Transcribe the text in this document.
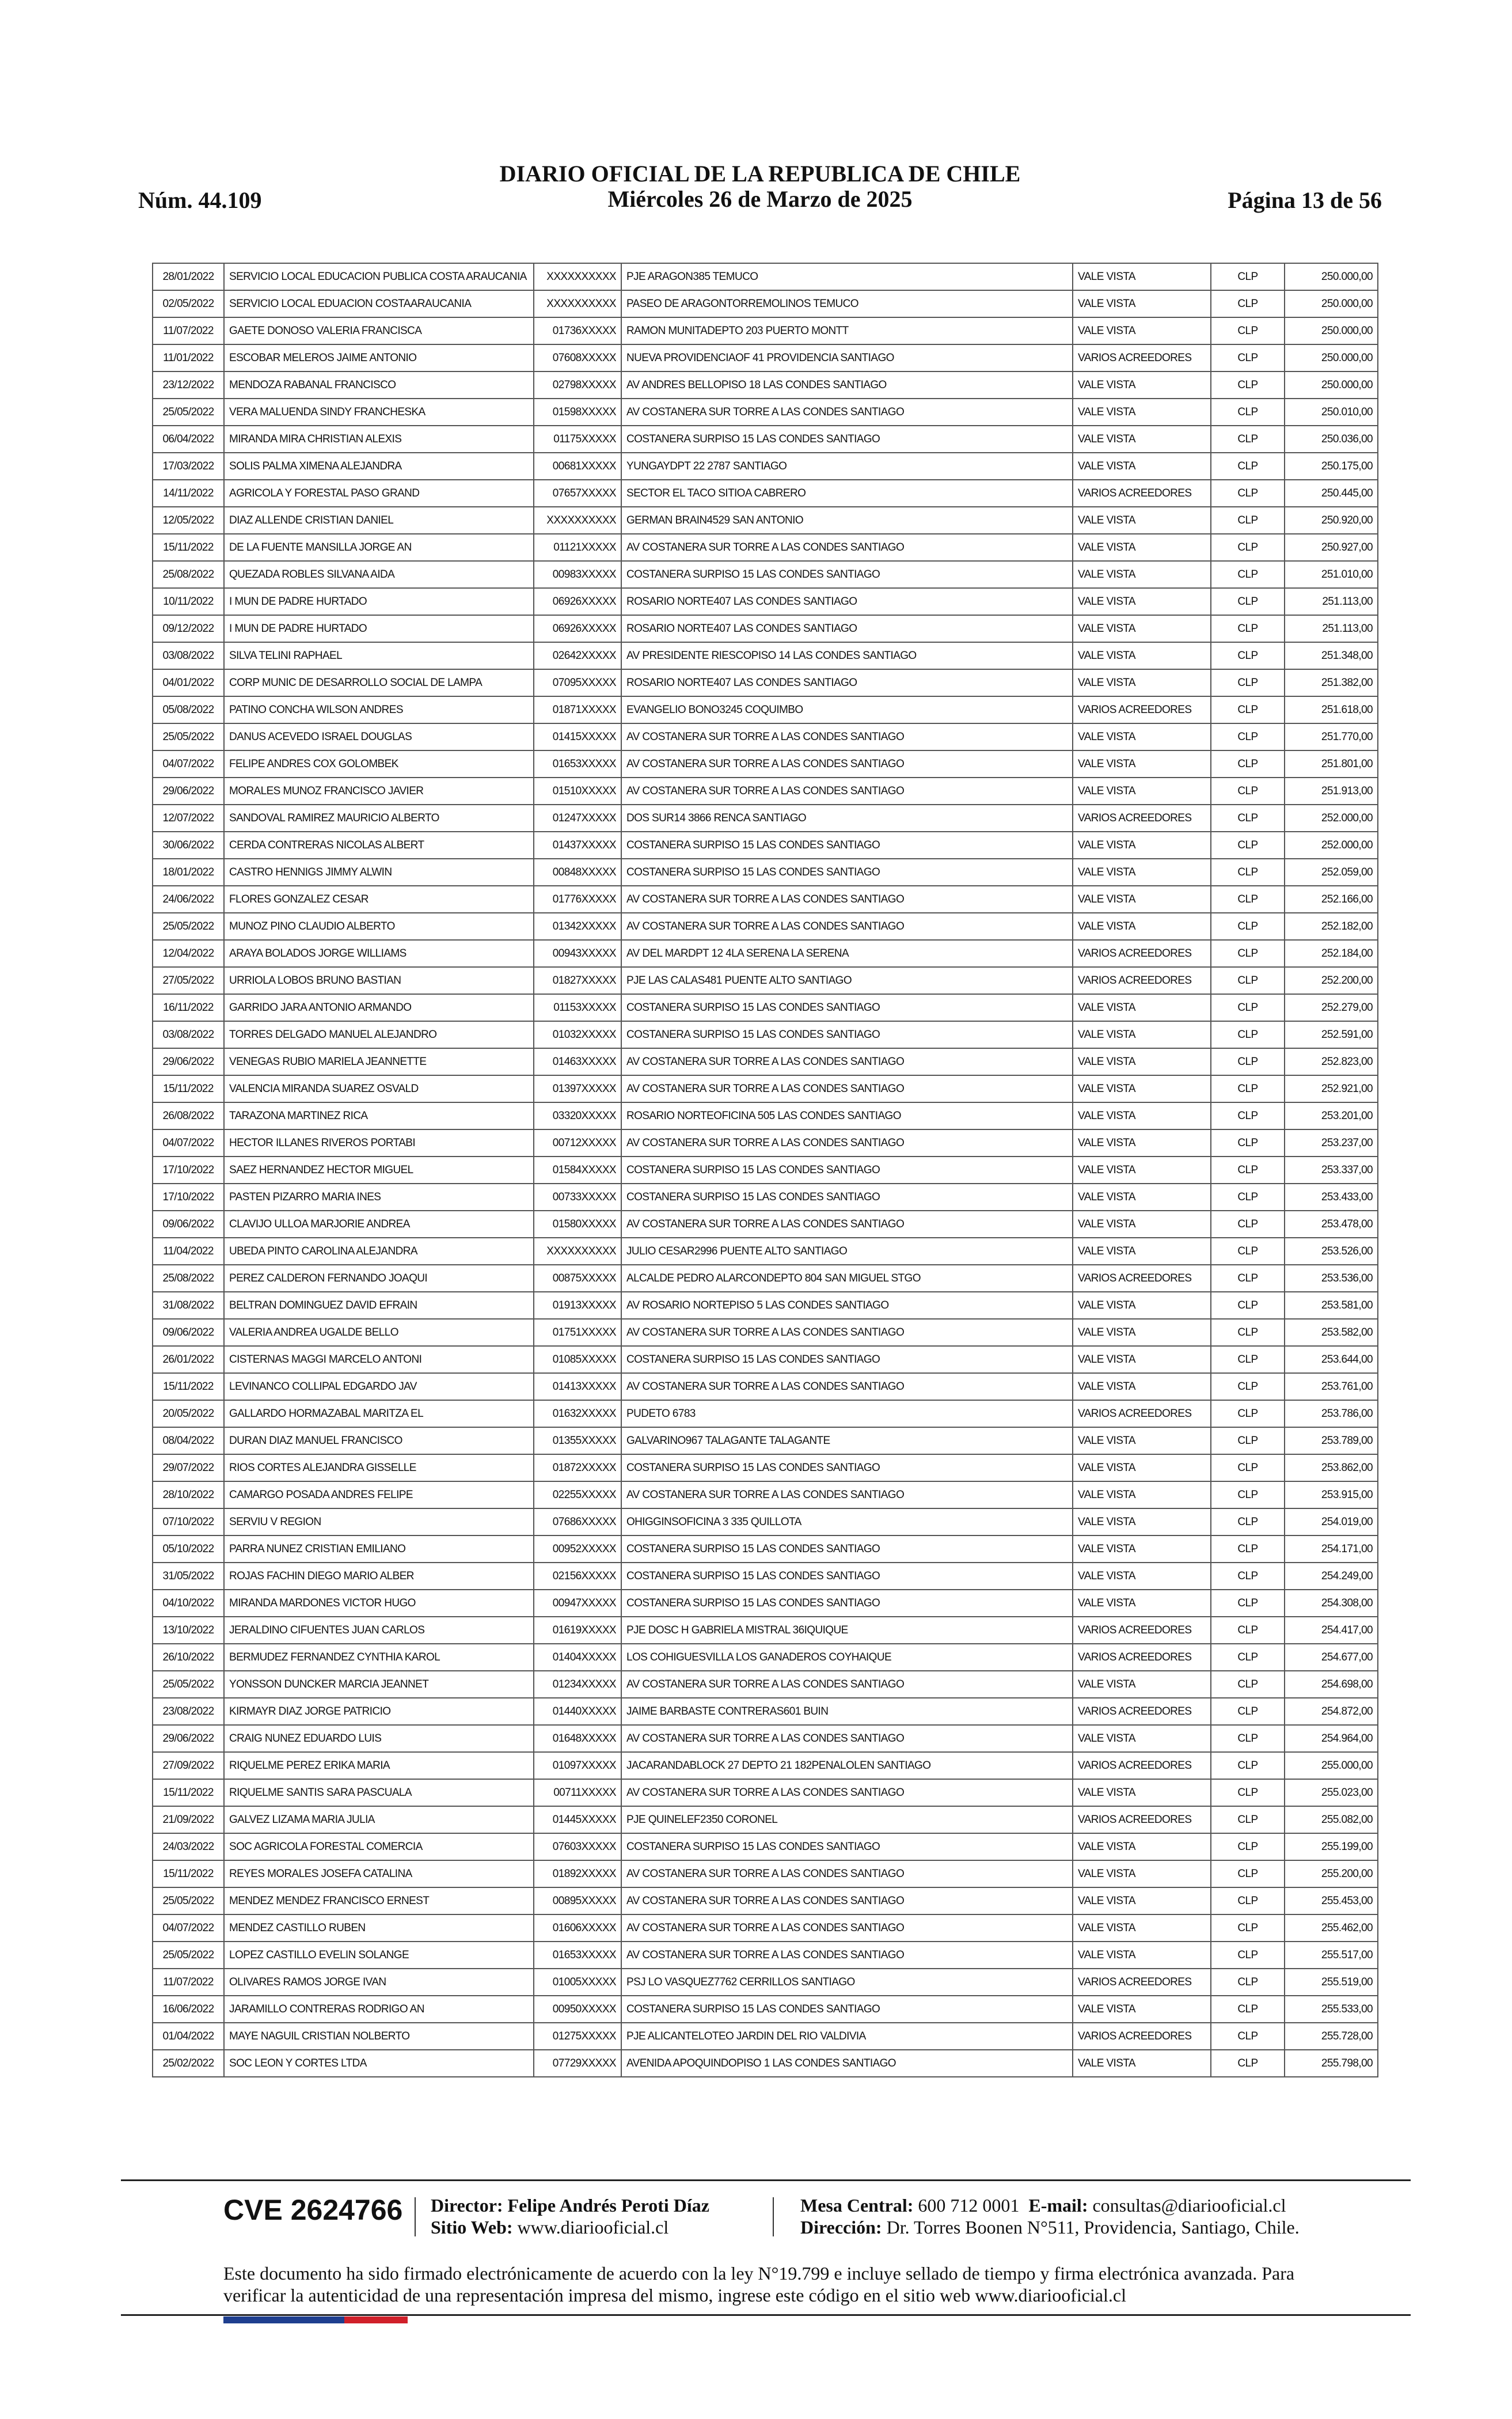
Núm. 44.109
DIARIO OFICIAL DE LA REPUBLICA DE CHILE
Miércoles 26 de Marzo de 2025	Página 13 de 56
28/01/2022	SERVICIO LOCAL EDUCACION PUBLICA COSTA ARAUCANIA	XXXXXXXXXX	PJE ARAGON385 TEMUCO	VALE VISTA	CLP	250.000,00
02/05/2022	SERVICIO LOCAL EDUACION COSTAARAUCANIA	XXXXXXXXXX	PASEO DE ARAGONTORREMOLINOS TEMUCO	VALE VISTA	CLP	250.000,00
11/07/2022	GAETE DONOSO VALERIA FRANCISCA	01736XXXXX	RAMON MUNITADEPTO 203 PUERTO MONTT	VALE VISTA	CLP	250.000,00
11/01/2022	ESCOBAR MELEROS JAIME ANTONIO	07608XXXXX	NUEVA PROVIDENCIAOF 41 PROVIDENCIA SANTIAGO	VARIOS ACREEDORES	CLP	250.000,00
23/12/2022	MENDOZA RABANAL FRANCISCO	02798XXXXX	AV ANDRES BELLOPISO 18 LAS CONDES SANTIAGO	VALE VISTA	CLP	250.000,00
25/05/2022	VERA MALUENDA SINDY FRANCHESKA	01598XXXXX	AV COSTANERA SUR TORRE A LAS CONDES SANTIAGO	VALE VISTA	CLP	250.010,00
06/04/2022	MIRANDA MIRA CHRISTIAN ALEXIS	01175XXXXX	COSTANERA SURPISO 15 LAS CONDES SANTIAGO	VALE VISTA	CLP	250.036,00
17/03/2022	SOLIS PALMA XIMENA ALEJANDRA	00681XXXXX	YUNGAYDPT 22 2787 SANTIAGO	VALE VISTA	CLP	250.175,00
14/11/2022	AGRICOLA Y FORESTAL PASO GRAND	07657XXXXX	SECTOR EL TACO SITIOA CABRERO	VARIOS ACREEDORES	CLP	250.445,00
12/05/2022	DIAZ ALLENDE CRISTIAN DANIEL	XXXXXXXXXX	GERMAN BRAIN4529 SAN ANTONIO	VALE VISTA	CLP	250.920,00
15/11/2022	DE LA FUENTE MANSILLA JORGE AN	01121XXXXX	AV COSTANERA SUR TORRE A LAS CONDES SANTIAGO	VALE VISTA	CLP	250.927,00
25/08/2022	QUEZADA ROBLES SILVANA AIDA	00983XXXXX	COSTANERA SURPISO 15 LAS CONDES SANTIAGO	VALE VISTA	CLP	251.010,00
10/11/2022	I MUN DE PADRE HURTADO	06926XXXXX	ROSARIO NORTE407 LAS CONDES SANTIAGO	VALE VISTA	CLP	251.113,00
09/12/2022	I MUN DE PADRE HURTADO	06926XXXXX	ROSARIO NORTE407 LAS CONDES SANTIAGO	VALE VISTA	CLP	251.113,00
03/08/2022	SILVA TELINI RAPHAEL	02642XXXXX	AV PRESIDENTE RIESCOPISO 14 LAS CONDES SANTIAGO	VALE VISTA	CLP	251.348,00
04/01/2022	CORP MUNIC DE DESARROLLO SOCIAL DE LAMPA	07095XXXXX	ROSARIO NORTE407 LAS CONDES SANTIAGO	VALE VISTA	CLP	251.382,00
05/08/2022	PATINO CONCHA WILSON ANDRES	01871XXXXX	EVANGELIO BONO3245 COQUIMBO	VARIOS ACREEDORES	CLP	251.618,00
25/05/2022	DANUS ACEVEDO ISRAEL DOUGLAS	01415XXXXX	AV COSTANERA SUR TORRE A LAS CONDES SANTIAGO	VALE VISTA	CLP	251.770,00
04/07/2022	FELIPE ANDRES COX GOLOMBEK	01653XXXXX	AV COSTANERA SUR TORRE A LAS CONDES SANTIAGO	VALE VISTA	CLP	251.801,00
29/06/2022	MORALES MUNOZ FRANCISCO JAVIER	01510XXXXX	AV COSTANERA SUR TORRE A LAS CONDES SANTIAGO	VALE VISTA	CLP	251.913,00
12/07/2022	SANDOVAL RAMIREZ MAURICIO ALBERTO	01247XXXXX	DOS SUR14 3866 RENCA SANTIAGO	VARIOS ACREEDORES	CLP	252.000,00
30/06/2022	CERDA CONTRERAS NICOLAS ALBERT	01437XXXXX	COSTANERA SURPISO 15 LAS CONDES SANTIAGO	VALE VISTA	CLP	252.000,00
18/01/2022	CASTRO HENNIGS JIMMY ALWIN	00848XXXXX	COSTANERA SURPISO 15 LAS CONDES SANTIAGO	VALE VISTA	CLP	252.059,00
24/06/2022	FLORES GONZALEZ CESAR	01776XXXXX	AV COSTANERA SUR TORRE A LAS CONDES SANTIAGO	VALE VISTA	CLP	252.166,00
25/05/2022	MUNOZ PINO CLAUDIO ALBERTO	01342XXXXX	AV COSTANERA SUR TORRE A LAS CONDES SANTIAGO	VALE VISTA	CLP	252.182,00
12/04/2022	ARAYA BOLADOS JORGE WILLIAMS	00943XXXXX	AV DEL MARDPT 12 4LA SERENA LA SERENA	VARIOS ACREEDORES	CLP	252.184,00
27/05/2022	URRIOLA LOBOS BRUNO BASTIAN	01827XXXXX	PJE LAS CALAS481 PUENTE ALTO SANTIAGO	VARIOS ACREEDORES	CLP	252.200,00
16/11/2022	GARRIDO JARA ANTONIO ARMANDO	01153XXXXX	COSTANERA SURPISO 15 LAS CONDES SANTIAGO	VALE VISTA	CLP	252.279,00
03/08/2022	TORRES DELGADO MANUEL ALEJANDRO	01032XXXXX	COSTANERA SURPISO 15 LAS CONDES SANTIAGO	VALE VISTA	CLP	252.591,00
29/06/2022	VENEGAS RUBIO MARIELA JEANNETTE	01463XXXXX	AV COSTANERA SUR TORRE A LAS CONDES SANTIAGO	VALE VISTA	CLP	252.823,00
15/11/2022	VALENCIA MIRANDA SUAREZ OSVALD	01397XXXXX	AV COSTANERA SUR TORRE A LAS CONDES SANTIAGO	VALE VISTA	CLP	252.921,00
26/08/2022	TARAZONA MARTINEZ RICA	03320XXXXX	ROSARIO NORTEOFICINA 505 LAS CONDES SANTIAGO	VALE VISTA	CLP	253.201,00
04/07/2022	HECTOR ILLANES RIVEROS PORTABI	00712XXXXX	AV COSTANERA SUR TORRE A LAS CONDES SANTIAGO	VALE VISTA	CLP	253.237,00
17/10/2022	SAEZ HERNANDEZ HECTOR MIGUEL	01584XXXXX	COSTANERA SURPISO 15 LAS CONDES SANTIAGO	VALE VISTA	CLP	253.337,00
17/10/2022	PASTEN PIZARRO MARIA INES	00733XXXXX	COSTANERA SURPISO 15 LAS CONDES SANTIAGO	VALE VISTA	CLP	253.433,00
09/06/2022	CLAVIJO ULLOA MARJORIE ANDREA	01580XXXXX	AV COSTANERA SUR TORRE A LAS CONDES SANTIAGO	VALE VISTA	CLP	253.478,00
11/04/2022	UBEDA PINTO CAROLINA ALEJANDRA	XXXXXXXXXX	JULIO CESAR2996 PUENTE ALTO SANTIAGO	VALE VISTA	CLP	253.526,00
25/08/2022	PEREZ CALDERON FERNANDO JOAQUI	00875XXXXX	ALCALDE PEDRO ALARCONDEPTO 804 SAN MIGUEL STGO	VARIOS ACREEDORES	CLP	253.536,00
31/08/2022	BELTRAN DOMINGUEZ DAVID EFRAIN	01913XXXXX	AV ROSARIO NORTEPISO 5 LAS CONDES SANTIAGO	VALE VISTA	CLP	253.581,00
09/06/2022	VALERIA ANDREA UGALDE BELLO	01751XXXXX	AV COSTANERA SUR TORRE A LAS CONDES SANTIAGO	VALE VISTA	CLP	253.582,00
26/01/2022	CISTERNAS MAGGI MARCELO ANTONI	01085XXXXX	COSTANERA SURPISO 15 LAS CONDES SANTIAGO	VALE VISTA	CLP	253.644,00
15/11/2022	LEVINANCO COLLIPAL EDGARDO JAV	01413XXXXX	AV COSTANERA SUR TORRE A LAS CONDES SANTIAGO	VALE VISTA	CLP	253.761,00
20/05/2022	GALLARDO HORMAZABAL MARITZA EL	01632XXXXX	PUDETO 6783	VARIOS ACREEDORES	CLP	253.786,00
08/04/2022	DURAN DIAZ MANUEL FRANCISCO	01355XXXXX	GALVARINO967 TALAGANTE TALAGANTE	VALE VISTA	CLP	253.789,00
29/07/2022	RIOS CORTES ALEJANDRA GISSELLE	01872XXXXX	COSTANERA SURPISO 15 LAS CONDES SANTIAGO	VALE VISTA	CLP	253.862,00
28/10/2022	CAMARGO POSADA ANDRES FELIPE	02255XXXXX	AV COSTANERA SUR TORRE A LAS CONDES SANTIAGO	VALE VISTA	CLP	253.915,00
07/10/2022	SERVIU V REGION	07686XXXXX	OHIGGINSOFICINA 3 335 QUILLOTA	VALE VISTA	CLP	254.019,00
05/10/2022	PARRA NUNEZ CRISTIAN EMILIANO	00952XXXXX	COSTANERA SURPISO 15 LAS CONDES SANTIAGO	VALE VISTA	CLP	254.171,00
31/05/2022	ROJAS FACHIN DIEGO MARIO ALBER	02156XXXXX	COSTANERA SURPISO 15 LAS CONDES SANTIAGO	VALE VISTA	CLP	254.249,00
04/10/2022	MIRANDA MARDONES VICTOR HUGO	00947XXXXX	COSTANERA SURPISO 15 LAS CONDES SANTIAGO	VALE VISTA	CLP	254.308,00
13/10/2022	JERALDINO CIFUENTES JUAN CARLOS	01619XXXXX	PJE DOSC H GABRIELA MISTRAL 36IQUIQUE	VARIOS ACREEDORES	CLP	254.417,00
26/10/2022	BERMUDEZ FERNANDEZ CYNTHIA KAROL	01404XXXXX	LOS COHIGUESVILLA LOS GANADEROS COYHAIQUE	VARIOS ACREEDORES	CLP	254.677,00
25/05/2022	YONSSON DUNCKER MARCIA JEANNET	01234XXXXX	AV COSTANERA SUR TORRE A LAS CONDES SANTIAGO	VALE VISTA	CLP	254.698,00
23/08/2022	KIRMAYR DIAZ JORGE PATRICIO	01440XXXXX	JAIME BARBASTE CONTRERAS601 BUIN	VARIOS ACREEDORES	CLP	254.872,00
29/06/2022	CRAIG NUNEZ EDUARDO LUIS	01648XXXXX	AV COSTANERA SUR TORRE A LAS CONDES SANTIAGO	VALE VISTA	CLP	254.964,00
27/09/2022	RIQUELME PEREZ ERIKA MARIA	01097XXXXX	JACARANDABLOCK 27 DEPTO 21 182PENALOLEN SANTIAGO	VARIOS ACREEDORES	CLP	255.000,00
15/11/2022	RIQUELME SANTIS SARA PASCUALA	00711XXXXX	AV COSTANERA SUR TORRE A LAS CONDES SANTIAGO	VALE VISTA	CLP	255.023,00
21/09/2022	GALVEZ LIZAMA MARIA JULIA	01445XXXXX	PJE QUINELEF2350 CORONEL	VARIOS ACREEDORES	CLP	255.082,00
24/03/2022	SOC AGRICOLA FORESTAL COMERCIA	07603XXXXX	COSTANERA SURPISO 15 LAS CONDES SANTIAGO	VALE VISTA	CLP	255.199,00
15/11/2022	REYES MORALES JOSEFA CATALINA	01892XXXXX	AV COSTANERA SUR TORRE A LAS CONDES SANTIAGO	VALE VISTA	CLP	255.200,00
25/05/2022	MENDEZ MENDEZ FRANCISCO ERNEST	00895XXXXX	AV COSTANERA SUR TORRE A LAS CONDES SANTIAGO	VALE VISTA	CLP	255.453,00
04/07/2022	MENDEZ CASTILLO RUBEN	01606XXXXX	AV COSTANERA SUR TORRE A LAS CONDES SANTIAGO	VALE VISTA	CLP	255.462,00
25/05/2022	LOPEZ CASTILLO EVELIN SOLANGE	01653XXXXX	AV COSTANERA SUR TORRE A LAS CONDES SANTIAGO	VALE VISTA	CLP	255.517,00
11/07/2022	OLIVARES RAMOS JORGE IVAN	01005XXXXX	PSJ LO VASQUEZ7762 CERRILLOS SANTIAGO	VARIOS ACREEDORES	CLP	255.519,00
16/06/2022	JARAMILLO CONTRERAS RODRIGO AN	00950XXXXX	COSTANERA SURPISO 15 LAS CONDES SANTIAGO	VALE VISTA	CLP	255.533,00
01/04/2022	MAYE NAGUIL CRISTIAN NOLBERTO	01275XXXXX	PJE ALICANTELOTEO JARDIN DEL RIO VALDIVIA	VARIOS ACREEDORES	CLP	255.728,00
25/02/2022	SOC LEON Y CORTES LTDA	07729XXXXX	AVENIDA APOQUINDOPISO 1 LAS CONDES SANTIAGO	VALE VISTA	CLP	255.798,00
CVE 2624766 Director: Felipe Andrés Peroti Díaz
Sitio Web: www.diariooficial.cl
Mesa Central: 600 712 0001 E-mail: consultas@diariooficial.cl
Dirección: Dr. Torres Boonen N°511, Providencia, Santiago, Chile.
Este documento ha sido firmado electrónicamente de acuerdo con la ley N°19.799 e incluye sellado de tiempo y firma electrónica avanzada. Para verificar la autenticidad de una representación impresa del mismo, ingrese este código en el sitio web www.diariooficial.cl
